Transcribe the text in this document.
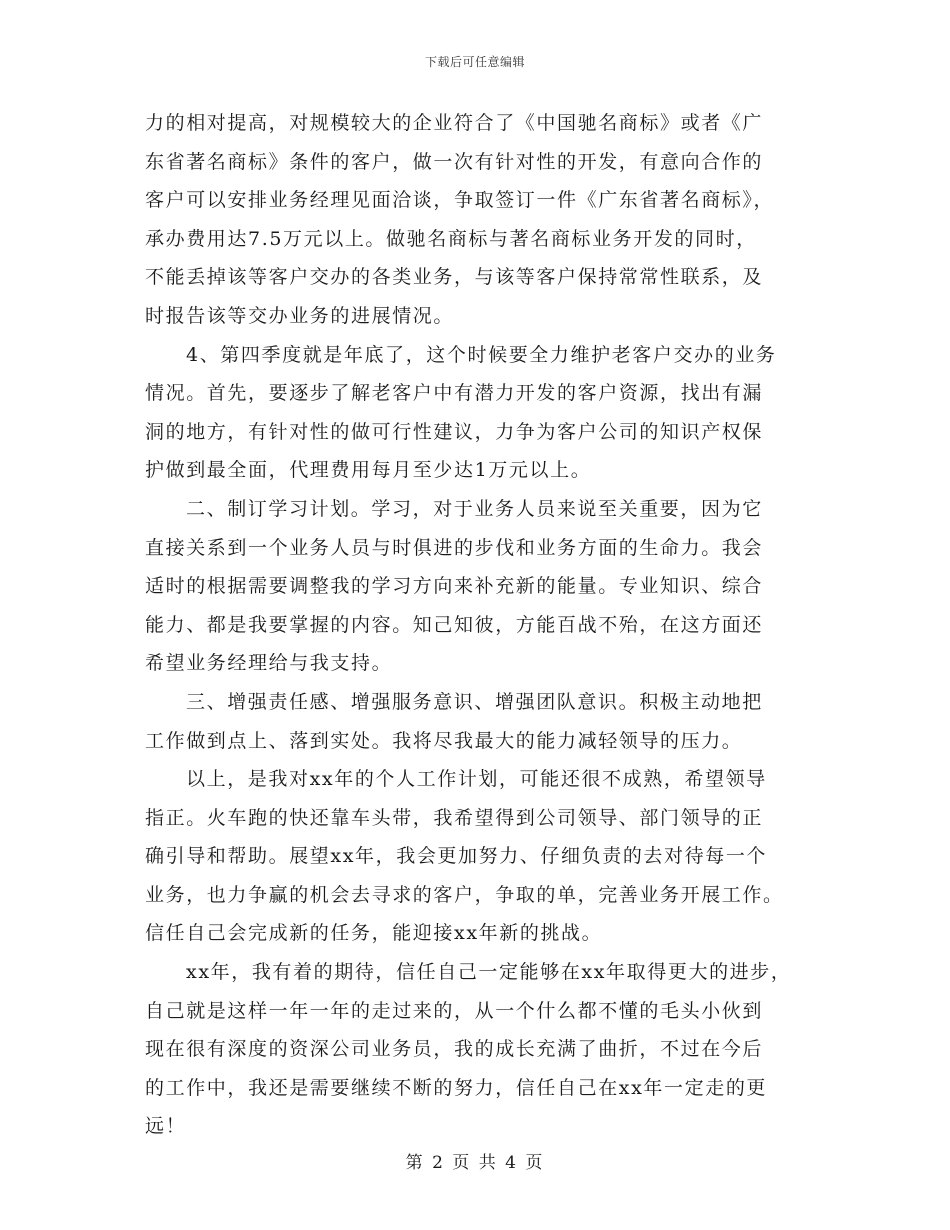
下载后可任意编辑

力的相对提高，对规模较大的企业符合了《中国驰名商标》或者《广
东省著名商标》条件的客户，做一次有针对性的开发，有意向合作的
客户可以安排业务经理见面洽谈，争取签订一件《广东省著名商标》，
承办费用达7.5万元以上。做驰名商标与著名商标业务开发的同时，
不能丢掉该等客户交办的各类业务，与该等客户保持常常性联系，及
时报告该等交办业务的进展情况。

4、第四季度就是年底了，这个时候要全力维护老客户交办的业务
情况。首先，要逐步了解老客户中有潜力开发的客户资源，找出有漏
洞的地方，有针对性的做可行性建议，力争为客户公司的知识产权保
护做到最全面，代理费用每月至少达1万元以上。

二、制订学习计划。学习，对于业务人员来说至关重要，因为它
直接关系到一个业务人员与时俱进的步伐和业务方面的生命力。我会
适时的根据需要调整我的学习方向来补充新的能量。专业知识、综合
能力、都是我要掌握的内容。知己知彼，方能百战不殆，在这方面还
希望业务经理给与我支持。

三、增强责任感、增强服务意识、增强团队意识。积极主动地把
工作做到点上、落到实处。我将尽我最大的能力减轻领导的压力。

以上，是我对xx年的个人工作计划，可能还很不成熟，希望领导
指正。火车跑的快还靠车头带，我希望得到公司领导、部门领导的正
确引导和帮助。展望xx年，我会更加努力、仔细负责的去对待每一个
业务，也力争赢的机会去寻求的客户，争取的单，完善业务开展工作。
信任自己会完成新的任务，能迎接xx年新的挑战。

xx年，我有着的期待，信任自己一定能够在xx年取得更大的进步，
自己就是这样一年一年的走过来的，从一个什么都不懂的毛头小伙到
现在很有深度的资深公司业务员，我的成长充满了曲折，不过在今后
的工作中，我还是需要继续不断的努力，信任自己在xx年一定走的更
远！

第 2 页 共 4 页
